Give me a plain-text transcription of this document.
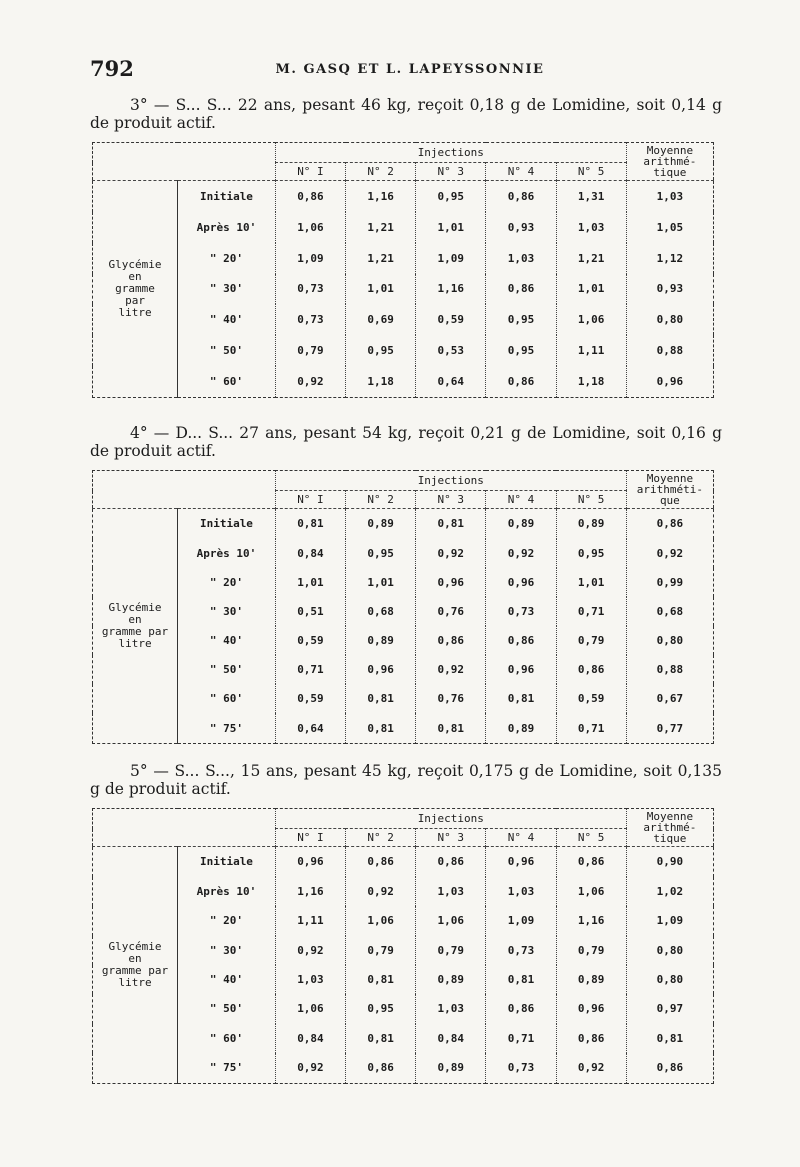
792	M. GASQ ET L. LAPEYSSONNIE
3° — S... S... 22 ans, pesant 46 kg, reçoit 0,18 g de Lomidine, soit 0,14 g de produit actif.
		Injections					Moyenne
arithmé-
tique

		N° I	N° 2	N° 3	N° 4	N° 5	

Glycémie
en
gramme
par
litre	Initiale	0,86	1,16	0,95	0,86	1,31	1,03
	Après 10'	1,06	1,21	1,01	0,93	1,03	1,05
	" 20'	1,09	1,21	1,09	1,03	1,21	1,12
	" 30'	0,73	1,01	1,16	0,86	1,01	0,93
	" 40'	0,73	0,69	0,59	0,95	1,06	0,80
	" 50'	0,79	0,95	0,53	0,95	1,11	0,88
	" 60'	0,92	1,18	0,64	0,86	1,18	0,96
4° — D... S... 27 ans, pesant 54 kg, reçoit 0,21 g de Lomidine, soit 0,16 g de produit actif.
		Injections					Moyenne
arithméti-
que

		N° I	N° 2	N° 3	N° 4	N° 5	

Glycémie
en
gramme par
litre	Initiale	0,81	0,89	0,81	0,89	0,89	0,86
	Après 10'	0,84	0,95	0,92	0,92	0,95	0,92
	" 20'	1,01	1,01	0,96	0,96	1,01	0,99
	" 30'	0,51	0,68	0,76	0,73	0,71	0,68
	" 40'	0,59	0,89	0,86	0,86	0,79	0,80
	" 50'	0,71	0,96	0,92	0,96	0,86	0,88
	" 60'	0,59	0,81	0,76	0,81	0,59	0,67
	" 75'	0,64	0,81	0,81	0,89	0,71	0,77
5° — S... S..., 15 ans, pesant 45 kg, reçoit 0,175 g de Lomidine, soit 0,135 g de produit actif.
		Injections					Moyenne
arithmé-
tique

		N° I	N° 2	N° 3	N° 4	N° 5	

Glycémie
en
gramme par
litre	Initiale	0,96	0,86	0,86	0,96	0,86	0,90
	Après 10'	1,16	0,92	1,03	1,03	1,06	1,02
	" 20'	1,11	1,06	1,06	1,09	1,16	1,09
	" 30'	0,92	0,79	0,79	0,73	0,79	0,80
	" 40'	1,03	0,81	0,89	0,81	0,89	0,80
	" 50'	1,06	0,95	1,03	0,86	0,96	0,97
	" 60'	0,84	0,81	0,84	0,71	0,86	0,81
	" 75'	0,92	0,86	0,89	0,73	0,92	0,86
